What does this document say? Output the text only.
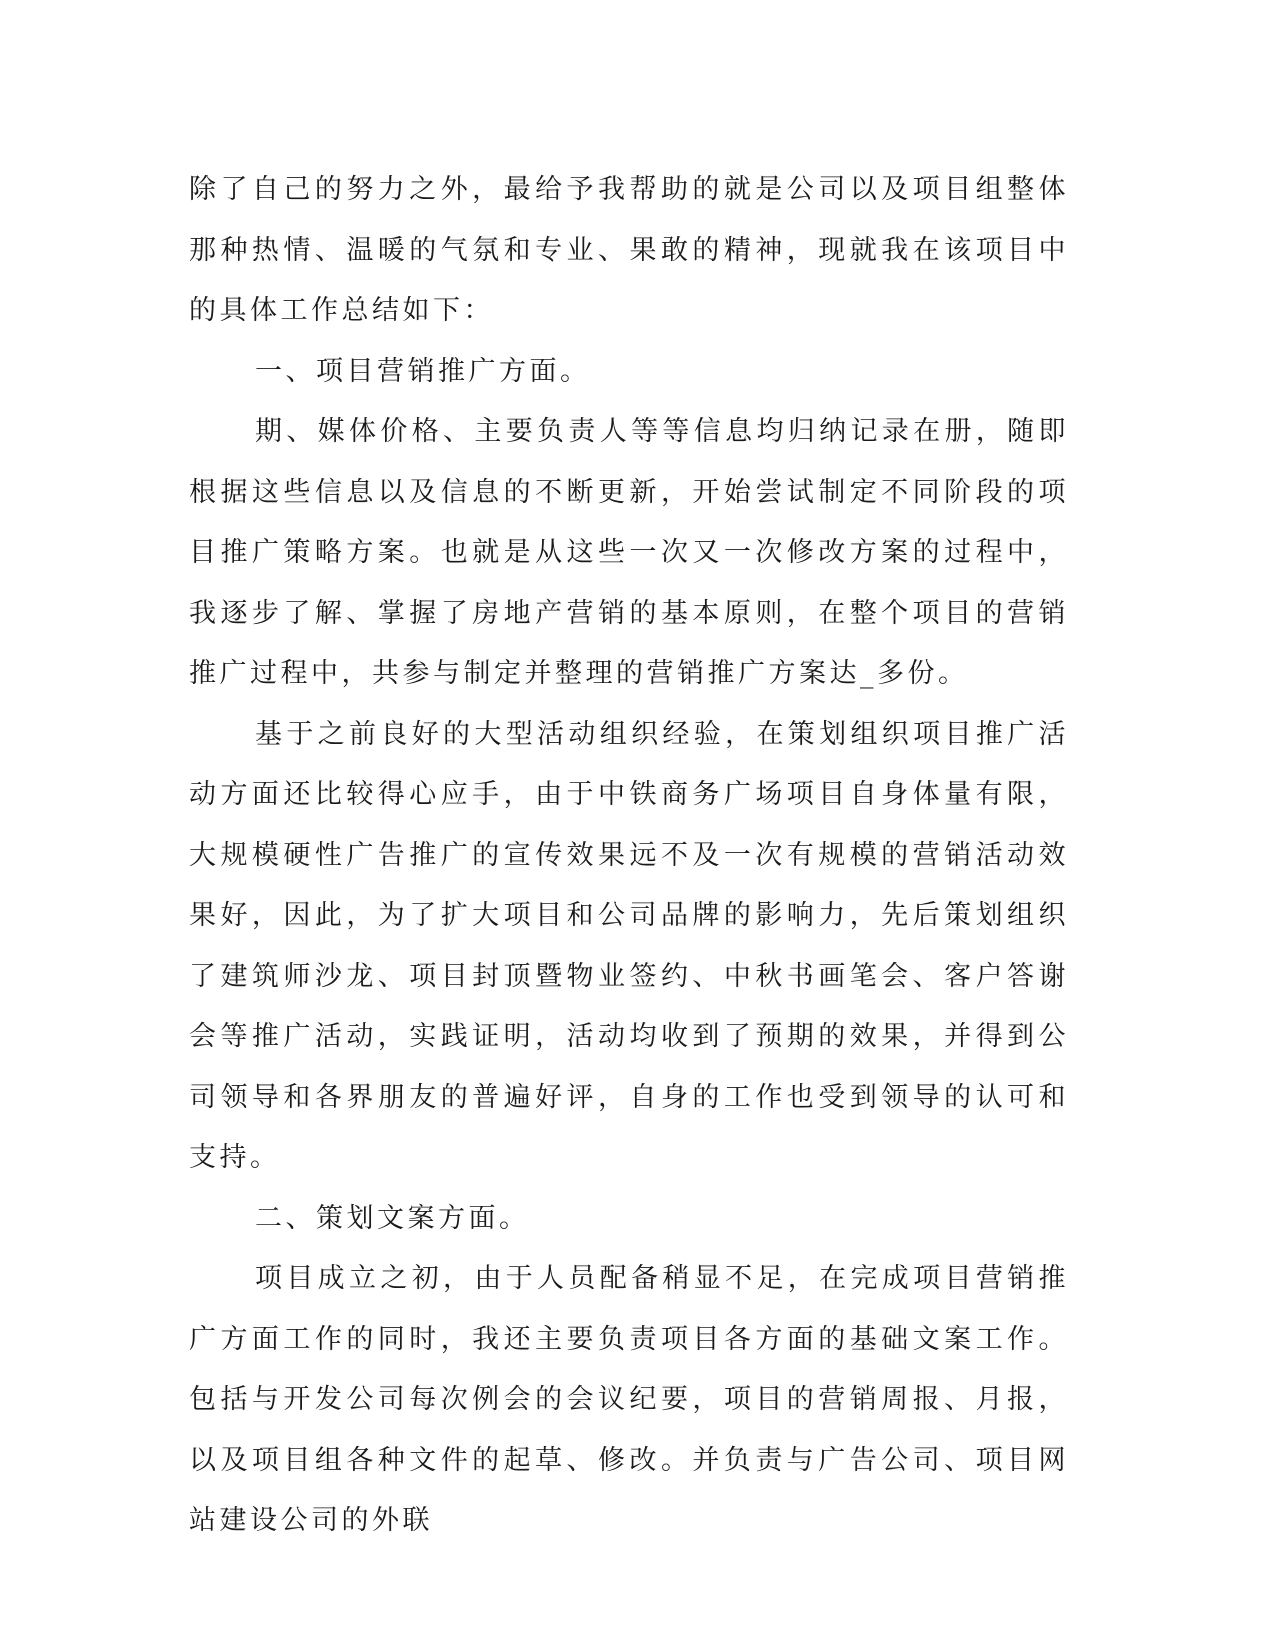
除了自己的努力之外，最给予我帮助的就是公司以及项目组整体那种热情、温暖的气氛和专业、果敢的精神，现就我在该项目中的具体工作总结如下：

一、项目营销推广方面。

期、媒体价格、主要负责人等等信息均归纳记录在册，随即根据这些信息以及信息的不断更新，开始尝试制定不同阶段的项目推广策略方案。也就是从这些一次又一次修改方案的过程中，我逐步了解、掌握了房地产营销的基本原则，在整个项目的营销推广过程中，共参与制定并整理的营销推广方案达_多份。

基于之前良好的大型活动组织经验，在策划组织项目推广活动方面还比较得心应手，由于中铁商务广场项目自身体量有限，大规模硬性广告推广的宣传效果远不及一次有规模的营销活动效果好，因此，为了扩大项目和公司品牌的影响力，先后策划组织了建筑师沙龙、项目封顶暨物业签约、中秋书画笔会、客户答谢会等推广活动，实践证明，活动均收到了预期的效果，并得到公司领导和各界朋友的普遍好评，自身的工作也受到领导的认可和支持。

二、策划文案方面。

项目成立之初，由于人员配备稍显不足，在完成项目营销推广方面工作的同时，我还主要负责项目各方面的基础文案工作。包括与开发公司每次例会的会议纪要，项目的营销周报、月报，以及项目组各种文件的起草、修改。并负责与广告公司、项目网站建设公司的外联
